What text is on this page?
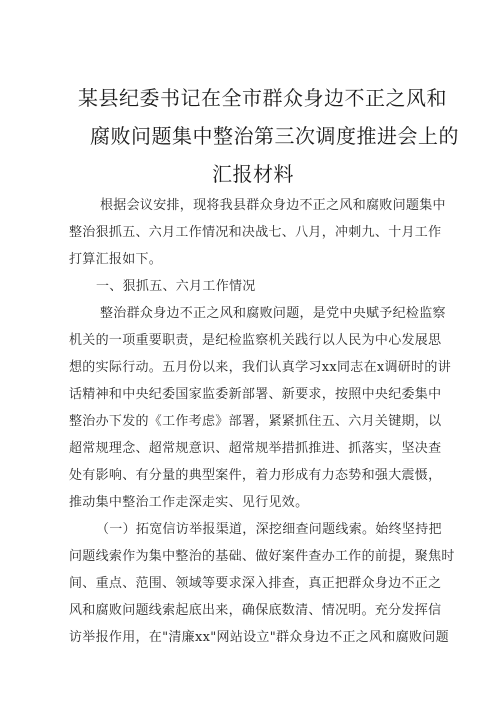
某县纪委书记在全市群众身边不正之风和
腐败问题集中整治第三次调度推进会上的
汇报材料
根据会议安排，现将我县群众身边不正之风和腐败问题集中
整治狠抓五、六月工作情况和决战七、八月，冲刺九、十月工作
打算汇报如下。
一、狠抓五、六月工作情况
整治群众身边不正之风和腐败问题，是党中央赋予纪检监察
机关的一项重要职责，是纪检监察机关践行以人民为中心发展思
想的实际行动。五月份以来，我们认真学习xx同志在x调研时的讲
话精神和中央纪委国家监委新部署、新要求，按照中央纪委集中
整治办下发的《工作考虑》部署，紧紧抓住五、六月关键期，以
超常规理念、超常规意识、超常规举措抓推进、抓落实，坚决查
处有影响、有分量的典型案件，着力形成有力态势和强大震慑，
推动集中整治工作走深走实、见行见效。
（一）拓宽信访举报渠道，深挖细查问题线索。始终坚持把
问题线索作为集中整治的基础、做好案件查办工作的前提，聚焦时
间、重点、范围、领域等要求深入排查，真正把群众身边不正之
风和腐败问题线索起底出来，确保底数清、情况明。充分发挥信
访举报作用，在"清廉xx"网站设立"群众身边不正之风和腐败问题
